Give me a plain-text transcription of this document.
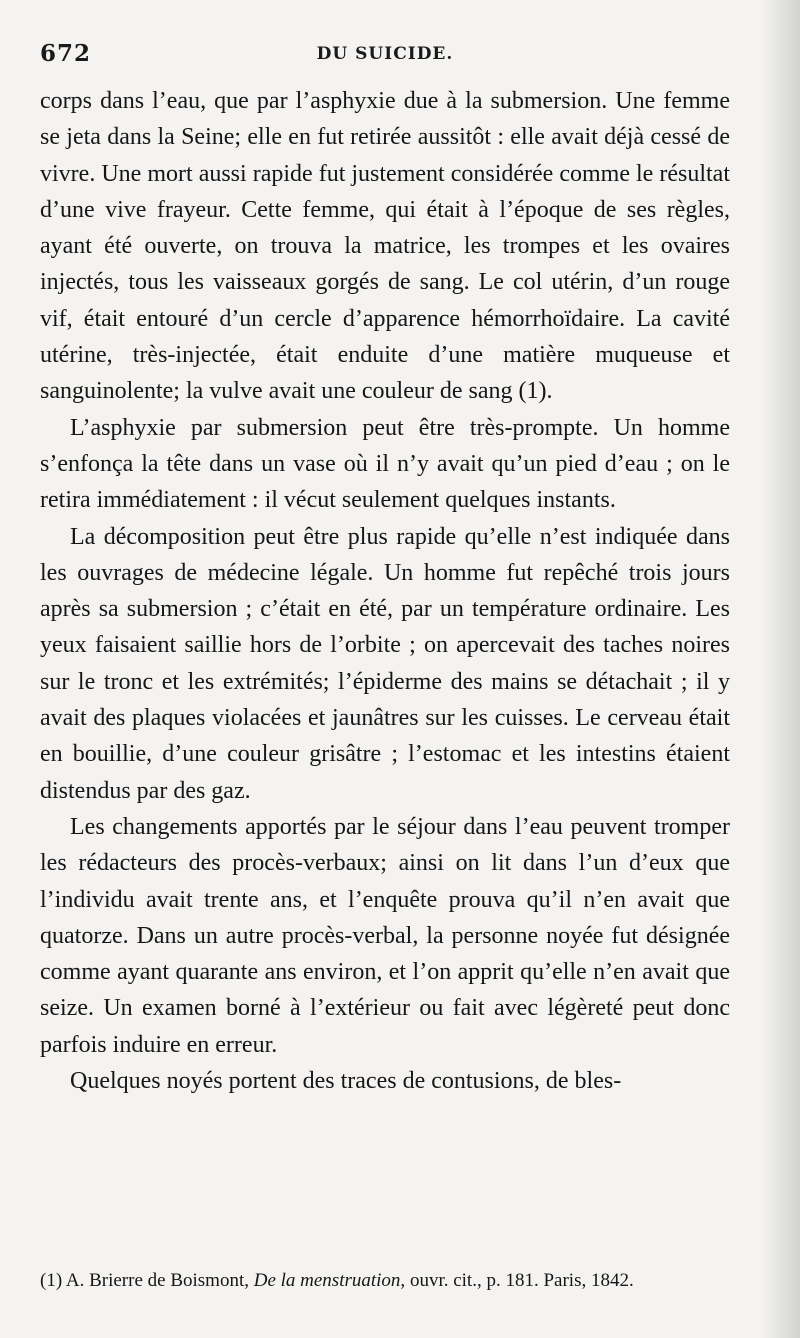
672	DU SUICIDE.

corps dans l’eau, que par l’asphyxie due à la submersion. Une femme se jeta dans la Seine; elle en fut retirée aussitôt : elle avait déjà cessé de vivre. Une mort aussi rapide fut justement considérée comme le résultat d’une vive frayeur. Cette femme, qui était à l’époque de ses règles, ayant été ouverte, on trouva la matrice, les trompes et les ovaires injectés, tous les vaisseaux gorgés de sang. Le col utérin, d’un rouge vif, était entouré d’un cercle d’apparence hémorrhoïdaire. La cavité utérine, très-injectée, était enduite d’une matière muqueuse et sanguinolente; la vulve avait une couleur de sang (1).

L’asphyxie par submersion peut être très-prompte. Un homme s’enfonça la tête dans un vase où il n’y avait qu’un pied d’eau ; on le retira immédiatement : il vécut seulement quelques instants.

La décomposition peut être plus rapide qu’elle n’est indiquée dans les ouvrages de médecine légale. Un homme fut repêché trois jours après sa submersion ; c’était en été, par un température ordinaire. Les yeux faisaient saillie hors de l’orbite ; on apercevait des taches noires sur le tronc et les extrémités; l’épiderme des mains se détachait ; il y avait des plaques violacées et jaunâtres sur les cuisses. Le cerveau était en bouillie, d’une couleur grisâtre ; l’estomac et les intestins étaient distendus par des gaz.

Les changements apportés par le séjour dans l’eau peuvent tromper les rédacteurs des procès-verbaux; ainsi on lit dans l’un d’eux que l’individu avait trente ans, et l’enquête prouva qu’il n’en avait que quatorze. Dans un autre procès-verbal, la personne noyée fut désignée comme ayant quarante ans environ, et l’on apprit qu’elle n’en avait que seize. Un examen borné à l’extérieur ou fait avec légèreté peut donc parfois induire en erreur.

Quelques noyés portent des traces de contusions, de bles-

(1) A. Brierre de Boismont, De la menstruation, ouvr. cit., p. 181. Paris, 1842.
